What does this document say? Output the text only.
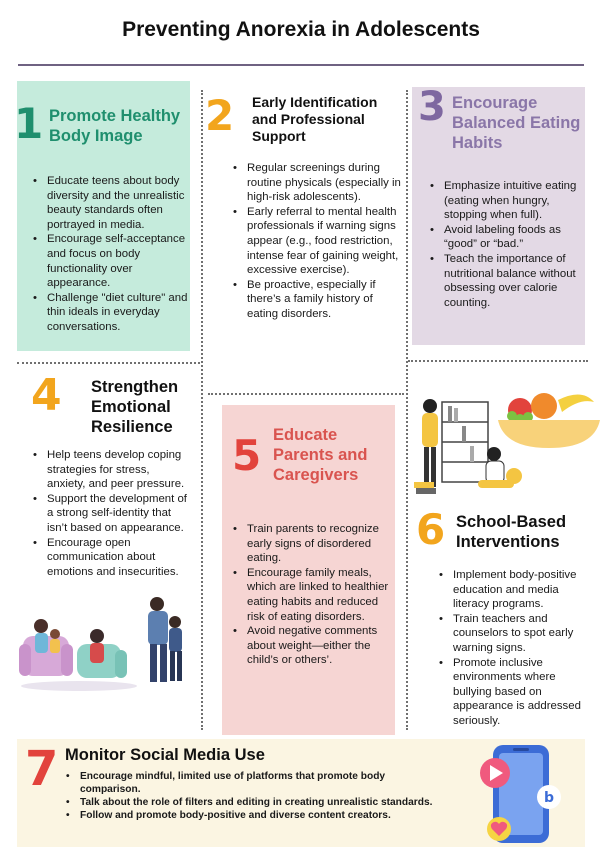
Preventing Anorexia in Adolescents
1 Promote Healthy Body Image
• Educate teens about body diversity and the unrealistic beauty standards often portrayed in media.
• Encourage self-acceptance and focus on body functionality over appearance.
• Challenge "diet culture" and thin ideals in everyday conversations.
2 Early Identification and Professional Support
• Regular screenings during routine physicals (especially in high-risk adolescents).
• Early referral to mental health professionals if warning signs appear (e.g., food restriction, intense fear of gaining weight, excessive exercise).
• Be proactive, especially if there’s a family history of eating disorders.
3 Encourage Balanced Eating Habits
• Emphasize intuitive eating (eating when hungry, stopping when full).
• Avoid labeling foods as “good” or “bad.”
• Teach the importance of nutritional balance without obsessing over calorie counting.
4 Strengthen Emotional Resilience
• Help teens develop coping strategies for stress, anxiety, and peer pressure.
• Support the development of a strong self-identity that isn’t based on appearance.
• Encourage open communication about emotions and insecurities.
5 Educate Parents and Caregivers
• Train parents to recognize early signs of disordered eating.
• Encourage family meals, which are linked to healthier eating habits and reduced risk of eating disorders.
• Avoid negative comments about weight—either the child’s or others’.
6 School-Based Interventions
• Implement body-positive education and media literacy programs.
• Train teachers and counselors to spot early warning signs.
• Promote inclusive environments where bullying based on appearance is addressed seriously.
7 Monitor Social Media Use
• Encourage mindful, limited use of platforms that promote body comparison.
• Talk about the role of filters and editing in creating unrealistic standards.
• Follow and promote body-positive and diverse content creators.
b
